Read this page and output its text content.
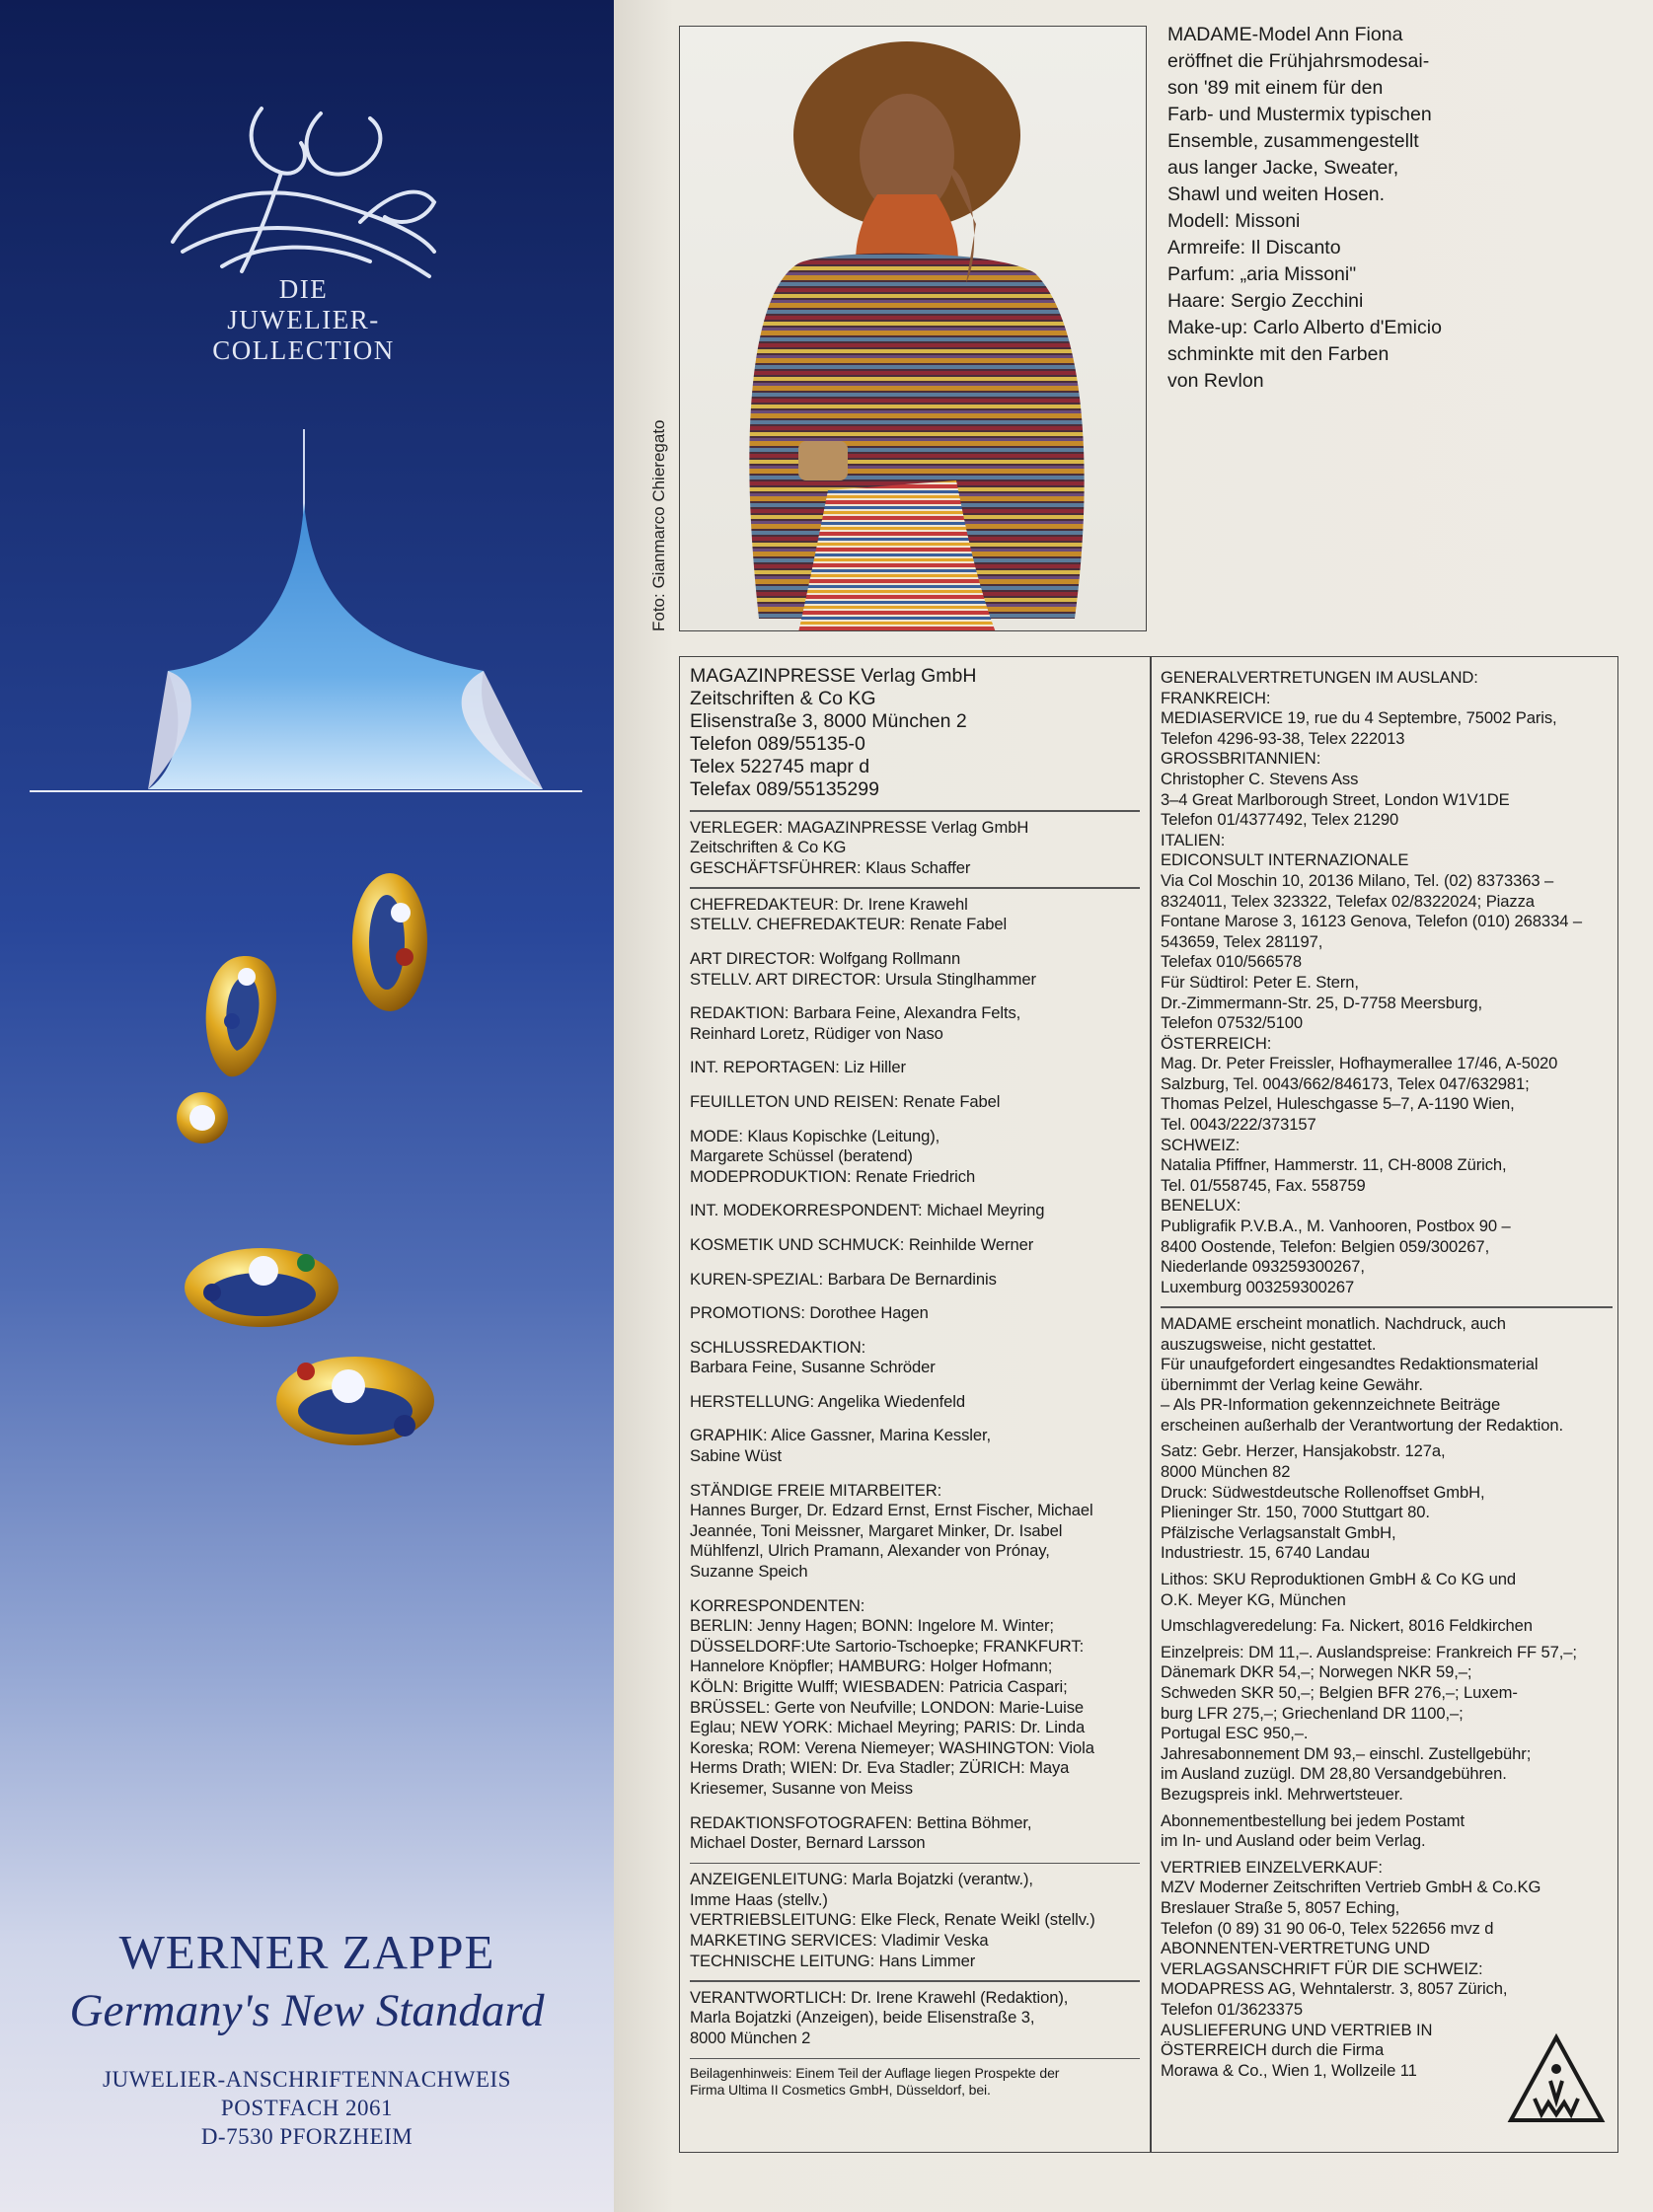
DIE
JUWELIER-
COLLECTION
WERNER ZAPPE
Germany's New Standard
JUWELIER-ANSCHRIFTENNACHWEIS
POSTFACH 2061
D-7530 PFORZHEIM
Foto: Gianmarco Chieregato
MADAME-Model Ann Fiona
eröffnet die Frühjahrsmodesai-
son '89 mit einem für den
Farb- und Mustermix typischen
Ensemble, zusammengestellt
aus langer Jacke, Sweater,
Shawl und weiten Hosen.
Modell: Missoni
Armreife: Il Discanto
Parfum: „aria Missoni"
Haare: Sergio Zecchini
Make-up: Carlo Alberto d'Emicio
schminkte mit den Farben
von Revlon
MAGAZINPRESSE Verlag GmbH
Zeitschriften & Co KG
Elisenstraße 3, 8000 München 2
Telefon 089/55135-0
Telex 522745 mapr d
Telefax 089/55135299
VERLEGER: MAGAZINPRESSE Verlag GmbH
Zeitschriften & Co KG
GESCHÄFTSFÜHRER: Klaus Schaffer
CHEFREDAKTEUR: Dr. Irene Krawehl
STELLV. CHEFREDAKTEUR: Renate Fabel
ART DIRECTOR: Wolfgang Rollmann
STELLV. ART DIRECTOR: Ursula Stinglhammer
REDAKTION: Barbara Feine, Alexandra Felts,
Reinhard Loretz, Rüdiger von Naso
INT. REPORTAGEN: Liz Hiller
FEUILLETON UND REISEN: Renate Fabel
MODE: Klaus Kopischke (Leitung),
Margarete Schüssel (beratend)
MODEPRODUKTION: Renate Friedrich
INT. MODEKORRESPONDENT: Michael Meyring
KOSMETIK UND SCHMUCK: Reinhilde Werner
KUREN-SPEZIAL: Barbara De Bernardinis
PROMOTIONS: Dorothee Hagen
SCHLUSSREDAKTION:
Barbara Feine, Susanne Schröder
HERSTELLUNG: Angelika Wiedenfeld
GRAPHIK: Alice Gassner, Marina Kessler,
Sabine Wüst
STÄNDIGE FREIE MITARBEITER:
Hannes Burger, Dr. Edzard Ernst, Ernst Fischer, Michael
Jeannée, Toni Meissner, Margaret Minker, Dr. Isabel
Mühlfenzl, Ulrich Pramann, Alexander von Prónay,
Suzanne Speich
KORRESPONDENTEN:
BERLIN: Jenny Hagen; BONN: Ingelore M. Winter;
DÜSSELDORF:Ute Sartorio-Tschoepke; FRANKFURT:
Hannelore Knöpfler; HAMBURG: Holger Hofmann;
KÖLN: Brigitte Wulff; WIESBADEN: Patricia Caspari;
BRÜSSEL: Gerte von Neufville; LONDON: Marie-Luise
Eglau; NEW YORK: Michael Meyring; PARIS: Dr. Linda
Koreska; ROM: Verena Niemeyer; WASHINGTON: Viola
Herms Drath; WIEN: Dr. Eva Stadler; ZÜRICH: Maya
Kriesemer, Susanne von Meiss
REDAKTIONSFOTOGRAFEN: Bettina Böhmer,
Michael Doster, Bernard Larsson
ANZEIGENLEITUNG: Marla Bojatzki (verantw.),
Imme Haas (stellv.)
VERTRIEBSLEITUNG: Elke Fleck, Renate Weikl (stellv.)
MARKETING SERVICES: Vladimir Veska
TECHNISCHE LEITUNG: Hans Limmer
VERANTWORTLICH: Dr. Irene Krawehl (Redaktion),
Marla Bojatzki (Anzeigen), beide Elisenstraße 3,
8000 München 2
Beilagenhinweis: Einem Teil der Auflage liegen Prospekte der
Firma Ultima II Cosmetics GmbH, Düsseldorf, bei.
GENERALVERTRETUNGEN IM AUSLAND:
FRANKREICH:
MEDIASERVICE 19, rue du 4 Septembre, 75002 Paris,
Telefon 4296-93-38, Telex 222013
GROSSBRITANNIEN:
Christopher C. Stevens Ass
3–4 Great Marlborough Street, London W1V1DE
Telefon 01/4377492, Telex 21290
ITALIEN:
EDICONSULT INTERNAZIONALE
Via Col Moschin 10, 20136 Milano, Tel. (02) 8373363 –
8324011, Telex 323322, Telefax 02/8322024; Piazza
Fontane Marose 3, 16123 Genova, Telefon (010) 268334 –
543659, Telex 281197,
Telefax 010/566578
Für Südtirol: Peter E. Stern,
Dr.-Zimmermann-Str. 25, D-7758 Meersburg,
Telefon 07532/5100
ÖSTERREICH:
Mag. Dr. Peter Freissler, Hofhaymerallee 17/46, A-5020
Salzburg, Tel. 0043/662/846173, Telex 047/632981;
Thomas Pelzel, Huleschgasse 5–7, A-1190 Wien,
Tel. 0043/222/373157
SCHWEIZ:
Natalia Pfiffner, Hammerstr. 11, CH-8008 Zürich,
Tel. 01/558745, Fax. 558759
BENELUX:
Publigrafik P.V.B.A., M. Vanhooren, Postbox 90 –
8400 Oostende, Telefon: Belgien 059/300267,
Niederlande 093259300267,
Luxemburg 003259300267
MADAME erscheint monatlich. Nachdruck, auch
auszugsweise, nicht gestattet.
Für unaufgefordert eingesandtes Redaktionsmaterial
übernimmt der Verlag keine Gewähr.
– Als PR-Information gekennzeichnete Beiträge
erscheinen außerhalb der Verantwortung der Redaktion.
Satz: Gebr. Herzer, Hansjakobstr. 127a,
8000 München 82
Druck: Südwestdeutsche Rollenoffset GmbH,
Plieninger Str. 150, 7000 Stuttgart 80.
Pfälzische Verlagsanstalt GmbH,
Industriestr. 15, 6740 Landau
Lithos: SKU Reproduktionen GmbH & Co KG und
O.K. Meyer KG, München
Umschlagveredelung: Fa. Nickert, 8016 Feldkirchen
Einzelpreis: DM 11,–. Auslandspreise: Frankreich FF 57,–;
Dänemark DKR 54,–; Norwegen NKR 59,–;
Schweden SKR 50,–; Belgien BFR 276,–; Luxem-
burg LFR 275,–; Griechenland DR 1100,–;
Portugal ESC 950,–.
Jahresabonnement DM 93,– einschl. Zustellgebühr;
im Ausland zuzügl. DM 28,80 Versandgebühren.
Bezugspreis inkl. Mehrwertsteuer.
Abonnementbestellung bei jedem Postamt
im In- und Ausland oder beim Verlag.
VERTRIEB EINZELVERKAUF:
MZV Moderner Zeitschriften Vertrieb GmbH & Co.KG
Breslauer Straße 5, 8057 Eching,
Telefon (0 89) 31 90 06-0, Telex 522656 mvz d
ABONNENTEN-VERTRETUNG UND
VERLAGSANSCHRIFT FÜR DIE SCHWEIZ:
MODAPRESS AG, Wehntalerstr. 3, 8057 Zürich,
Telefon 01/3623375
AUSLIEFERUNG UND VERTRIEB IN
ÖSTERREICH durch die Firma
Morawa & Co., Wien 1, Wollzeile 11
